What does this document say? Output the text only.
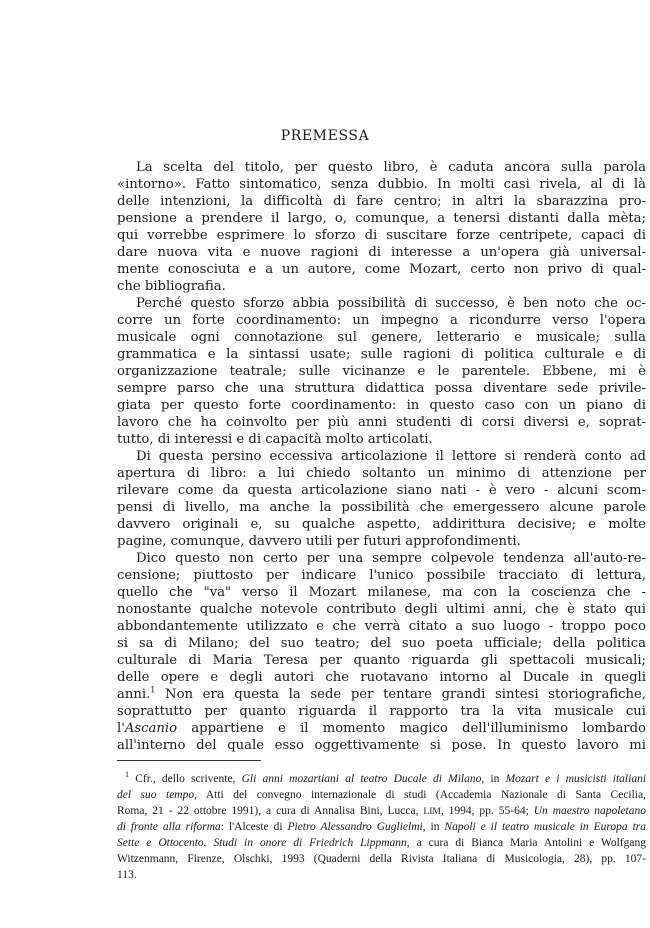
PREMESSA
La scelta del titolo, per questo libro, è caduta ancora sulla parola
«intorno». Fatto sintomatico, senza dubbio. In molti casi rivela, al di là
delle intenzioni, la difficoltà di fare centro; in altri la sbarazzina pro-
pensione a prendere il largo, o, comunque, a tenersi distanti dalla mèta;
qui vorrebbe esprimere lo sforzo di suscitare forze centripete, capaci di
dare nuova vita e nuove ragioni di interesse a un'opera già universal-
mente conosciuta e a un autore, come Mozart, certo non privo di qual-
che bibliografia.
Perché questo sforzo abbia possibilità di successo, è ben noto che oc-
corre un forte coordinamento: un impegno a ricondurre verso l'opera
musicale ogni connotazione sul genere, letterario e musicale; sulla
grammatica e la sintassi usate; sulle ragioni di politica culturale e di
organizzazione teatrale; sulle vicinanze e le parentele. Ebbene, mi è
sempre parso che una struttura didattica possa diventare sede privile-
giata per questo forte coordinamento: in questo caso con un piano di
lavoro che ha coinvolto per più anni studenti di corsi diversi e, soprat-
tutto, di interessi e di capacità molto articolati.
Di questa persino eccessiva articolazione il lettore si renderà conto ad
apertura di libro: a lui chiedo soltanto un minimo di attenzione per
rilevare come da questa articolazione siano nati - è vero - alcuni scom-
pensi di livello, ma anche la possibilità che emergessero alcune parole
davvero originali e, su qualche aspetto, addirittura decisive; e molte
pagine, comunque, davvero utili per futuri approfondimenti.
Dico questo non certo per una sempre colpevole tendenza all'auto-re-
censione; piuttosto per indicare l'unico possibile tracciato di lettura,
quello che "va" verso il Mozart milanese, ma con la coscienza che -
nonostante qualche notevole contributo degli ultimi anni, che è stato qui
abbondantemente utilizzato e che verrà citato a suo luogo - troppo poco
si sa di Milano; del suo teatro; del suo poeta ufficiale; della politica
culturale di Maria Teresa per quanto riguarda gli spettacoli musicali;
delle opere e degli autori che ruotavano intorno al Ducale in quegli
anni.$^1$ Non era questa la sede per tentare grandi sintesi storiografiche,
soprattutto per quanto riguarda il rapporto tra la vita musicale cui
l'Ascanio appartiene e il momento magico dell'illuminismo lombardo
all'interno del quale esso oggettivamente si pose. In questo lavoro mi
$^1$ Cfr., dello scrivente, Gli anni mozartiani al teatro Ducale di Milano, in Mozart e i musicisti italiani
del suo tempo, Atti del convegno internazionale di studi (Accademia Nazionale di Santa Cecilia,
Roma, 21 - 22 ottobre 1991), a cura di Annalisa Bini, Lucca, LIM, 1994, pp. 55-64; Un maestro napoletano
di fronte alla riforma: l'Alceste di Pietro Alessandro Guglielmi, in Napoli e il teatro musicale in Europa tra
Sette e Ottocento. Studi in onore di Friedrich Lippmann, a cura di Bianca Maria Antolini e Wolfgang
Witzenmann, Firenze, Olschki, 1993 (Quaderni della Rivista Italiana di Musicologia, 28), pp. 107-
113.
